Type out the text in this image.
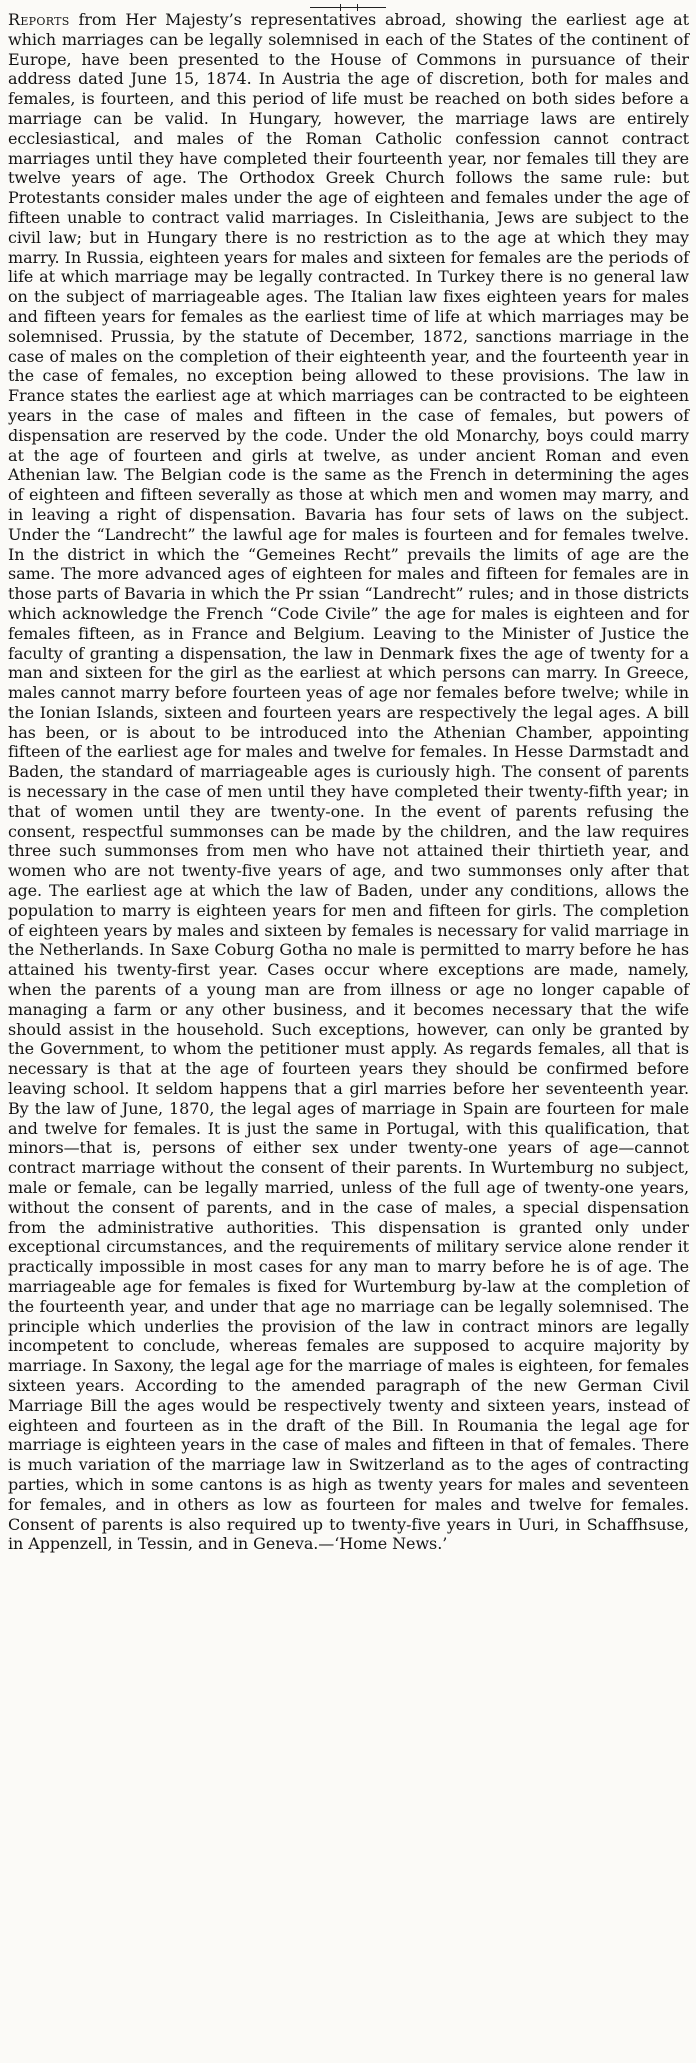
Reports from Her Majesty’s representatives abroad, showing the earliest age at which marriages can be legally solemnised in each of the States of the continent of Europe, have been presented to the House of Commons in pursuance of their address dated June 15, 1874. In Austria the age of discretion, both for males and females, is fourteen, and this period of life must be reached on both sides before a marriage can be valid. In Hungary, however, the marriage laws are entirely ecclesiastical, and males of the Roman Catholic confession cannot contract marriages until they have completed their fourteenth year, nor females till they are twelve years of age. The Orthodox Greek Church follows the same rule: but Protestants consider males under the age of eighteen and females under the age of fifteen unable to contract valid marriages. In Cisleithania, Jews are subject to the civil law; but in Hungary there is no restriction as to the age at which they may marry. In Russia, eighteen years for males and sixteen for females are the periods of life at which marriage may be legally contracted. In Turkey there is no general law on the subject of marriageable ages. The Italian law fixes eighteen years for males and fifteen years for females as the earliest time of life at which marriages may be solemnised. Prussia, by the statute of December, 1872, sanctions marriage in the case of males on the completion of their eighteenth year, and the fourteenth year in the case of females, no exception being allowed to these provisions. The law in France states the earliest age at which marriages can be contracted to be eighteen years in the case of males and fifteen in the case of females, but powers of dispensation are reserved by the code. Under the old Monarchy, boys could marry at the age of fourteen and girls at twelve, as under ancient Roman and even Athenian law. The Belgian code is the same as the French in determining the ages of eighteen and fifteen severally as those at which men and women may marry, and in leaving a right of dispensation. Bavaria has four sets of laws on the subject. Under the “Landrecht” the lawful age for males is fourteen and for females twelve. In the district in which the “Gemeines Recht” prevails the limits of age are the same. The more advanced ages of eighteen for males and fifteen for females are in those parts of Bavaria in which the Pr ssian “Landrecht” rules; and in those districts which acknowledge the French “Code Civile” the age for males is eighteen and for females fifteen, as in France and Belgium. Leaving to the Minister of Justice the faculty of granting a dispensation, the law in Denmark fixes the age of twenty for a man and sixteen for the girl as the earliest at which persons can marry. In Greece, males cannot marry before fourteen yeas of age nor females before twelve; while in the Ionian Islands, sixteen and fourteen years are respectively the legal ages. A bill has been, or is about to be introduced into the Athenian Chamber, appointing fifteen of the earliest age for males and twelve for females. In Hesse Darmstadt and Baden, the standard of marriageable ages is curiously high. The consent of parents is necessary in the case of men until they have completed their twenty-fifth year; in that of women until they are twenty-one. In the event of parents refusing the consent, respectful summonses can be made by the children, and the law requires three such summonses from men who have not attained their thirtieth year, and women who are not twenty-five years of age, and two summonses only after that age. The earliest age at which the law of Baden, under any conditions, allows the population to marry is eighteen years for men and fifteen for girls. The completion of eighteen years by males and sixteen by females is necessary for valid marriage in the Netherlands. In Saxe Coburg Gotha no male is permitted to marry before he has attained his twenty-first year. Cases occur where exceptions are made, namely, when the parents of a young man are from illness or age no longer capable of managing a farm or any other business, and it becomes necessary that the wife should assist in the household. Such exceptions, however, can only be granted by the Government, to whom the petitioner must apply. As regards females, all that is necessary is that at the age of fourteen years they should be confirmed before leaving school. It seldom happens that a girl marries before her seventeenth year. By the law of June, 1870, the legal ages of marriage in Spain are fourteen for male and twelve for females. It is just the same in Portugal, with this qualification, that minors—that is, persons of either sex under twenty-one years of age—cannot contract marriage without the consent of their parents. In Wurtemburg no subject, male or female, can be legally married, unless of the full age of twenty-one years, without the consent of parents, and in the case of males, a special dispensation from the administrative authorities. This dispensation is granted only under exceptional circumstances, and the requirements of military service alone render it practically impossible in most cases for any man to marry before he is of age. The marriageable age for females is fixed for Wurtemburg by-law at the completion of the fourteenth year, and under that age no marriage can be legally solemnised. The principle which underlies the provision of the law in contract minors are legally incompetent to conclude, whereas females are supposed to acquire majority by marriage. In Saxony, the legal age for the marriage of males is eighteen, for females sixteen years. According to the amended paragraph of the new German Civil Marriage Bill the ages would be respectively twenty and sixteen years, instead of eighteen and fourteen as in the draft of the Bill. In Roumania the legal age for marriage is eighteen years in the case of males and fifteen in that of females. There is much variation of the marriage law in Switzerland as to the ages of contracting parties, which in some cantons is as high as twenty years for males and seventeen for females, and in others as low as fourteen for males and twelve for females. Consent of parents is also required up to twenty-five years in Uuri, in Schaffhsuse, in Appenzell, in Tessin, and in Geneva.—‘Home News.’
